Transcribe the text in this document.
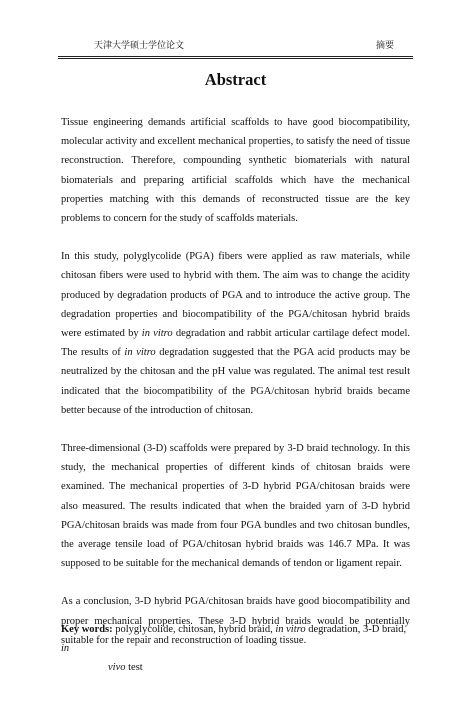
天津大学硕士学位论文	摘要
Abstract

Tissue engineering demands artificial scaffolds to have good biocompatibility, molecular activity and excellent mechanical properties, to satisfy the need of tissue reconstruction. Therefore, compounding synthetic biomaterials with natural biomaterials and preparing artificial scaffolds which have the mechanical properties matching with this demands of reconstructed tissue are the key problems to concern for the study of scaffolds materials.

In this study, polyglycolide (PGA) fibers were applied as raw materials, while chitosan fibers were used to hybrid with them. The aim was to change the acidity produced by degradation products of PGA and to introduce the active group. The degradation properties and biocompatibility of the PGA/chitosan hybrid braids were estimated by in vitro degradation and rabbit articular cartilage defect model. The results of in vitro degradation suggested that the PGA acid products may be neutralized by the chitosan and the pH value was regulated. The animal test result indicated that the biocompatibility of the PGA/chitosan hybrid braids became better because of the introduction of chitosan.

Three-dimensional (3-D) scaffolds were prepared by 3-D braid technology. In this study, the mechanical properties of different kinds of chitosan braids were examined. The mechanical properties of 3-D hybrid PGA/chitosan braids were also measured. The results indicated that when the braided yarn of 3-D hybrid PGA/chitosan braids was made from four PGA bundles and two chitosan bundles, the average tensile load of PGA/chitosan hybrid braids was 146.7 MPa. It was supposed to be suitable for the mechanical demands of tendon or ligament repair.

As a conclusion, 3-D hybrid PGA/chitosan braids have good biocompatibility and proper mechanical properties. These 3-D hybrid braids would be potentially suitable for the repair and reconstruction of loading tissue.

Key words: polyglycolide, chitosan, hybrid braid, in vitro degradation, 3-D braid, in
vivo test
